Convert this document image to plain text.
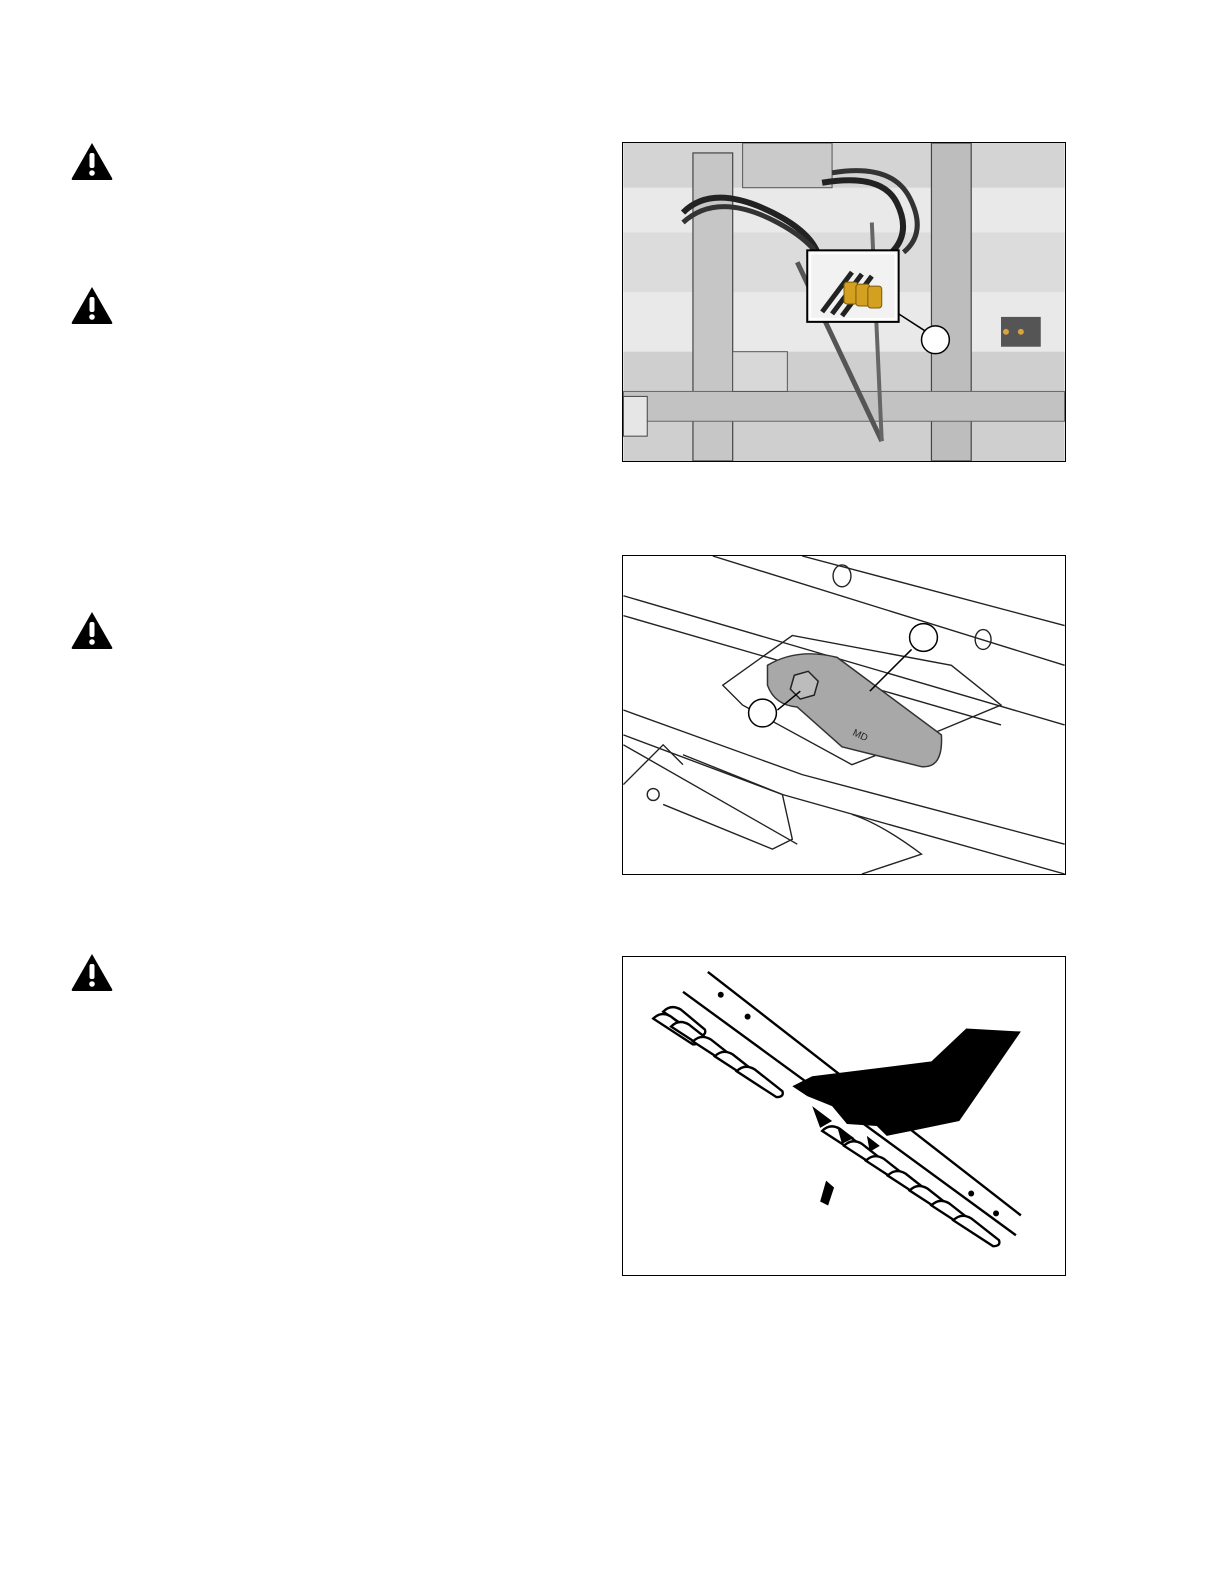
MD
